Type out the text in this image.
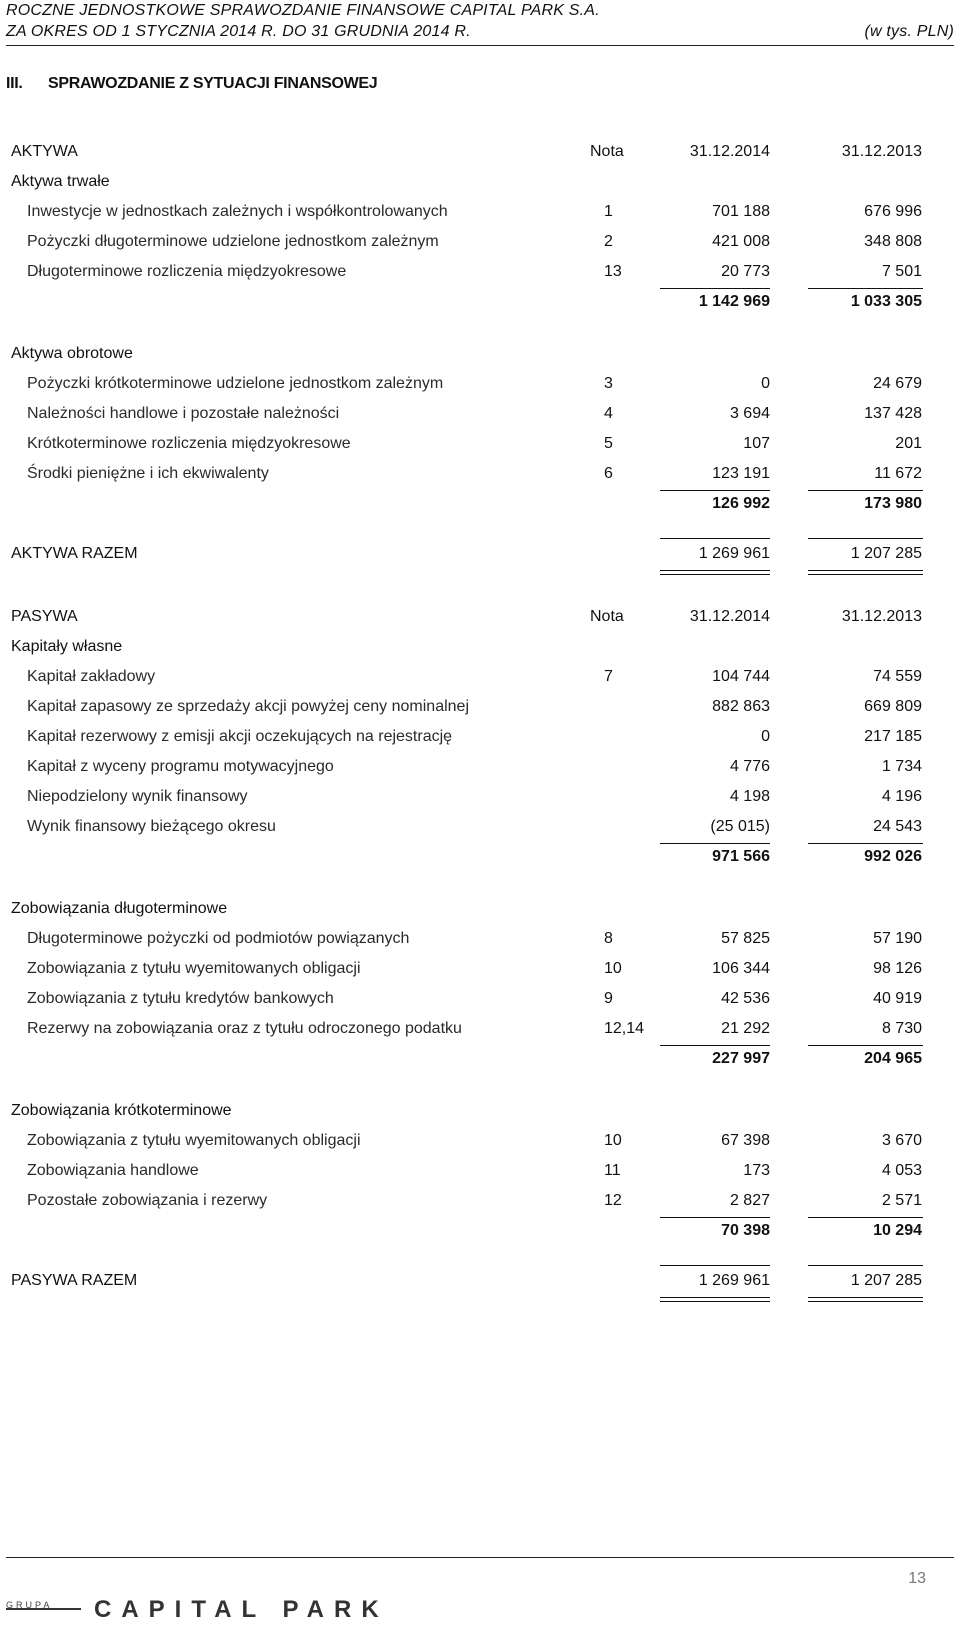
ROCZNE JEDNOSTKOWE SPRAWOZDANIE FINANSOWE CAPITAL PARK S.A.
ZA OKRES OD 1 STYCZNIA 2014 R. DO 31 GRUDNIA 2014 R.	(w tys. PLN)
III. SPRAWOZDANIE Z SYTUACJI FINANSOWEJ
AKTYWA	Nota	31.12.2014	31.12.2013
Aktywa trwałe
Inwestycje w jednostkach zależnych i współkontrolowanych	1	701 188	676 996
Pożyczki długoterminowe udzielone jednostkom zależnym	2	421 008	348 808
Długoterminowe rozliczenia międzyokresowe	13	20 773	7 501
1 142 969	1 033 305
Aktywa obrotowe
Pożyczki krótkoterminowe udzielone jednostkom zależnym	3	0	24 679
Należności handlowe i pozostałe należności	4	3 694	137 428
Krótkoterminowe rozliczenia międzyokresowe	5	107	201
Środki pieniężne i ich ekwiwalenty	6	123 191	11 672
126 992	173 980
AKTYWA RAZEM	1 269 961	1 207 285
PASYWA	Nota	31.12.2014	31.12.2013
Kapitały własne
Kapitał zakładowy	7	104 744	74 559
Kapitał zapasowy ze sprzedaży akcji powyżej ceny nominalnej	882 863	669 809
Kapitał rezerwowy z emisji akcji oczekujących na rejestrację	0	217 185
Kapitał z wyceny programu motywacyjnego	4 776	1 734
Niepodzielony wynik finansowy	4 198	4 196
Wynik finansowy bieżącego okresu	(25 015)	24 543
971 566	992 026
Zobowiązania długoterminowe
Długoterminowe pożyczki od podmiotów powiązanych	8	57 825	57 190
Zobowiązania z tytułu wyemitowanych obligacji	10	106 344	98 126
Zobowiązania z tytułu kredytów bankowych	9	42 536	40 919
Rezerwy na zobowiązania oraz z tytułu odroczonego podatku	12,14	21 292	8 730
227 997	204 965
Zobowiązania krótkoterminowe
Zobowiązania z tytułu wyemitowanych obligacji	10	67 398	3 670
Zobowiązania handlowe	11	173	4 053
Pozostałe zobowiązania i rezerwy	12	2 827	2 571
70 398	10 294
PASYWA RAZEM	1 269 961	1 207 285
13
GRUPA CAPITAL PARK
